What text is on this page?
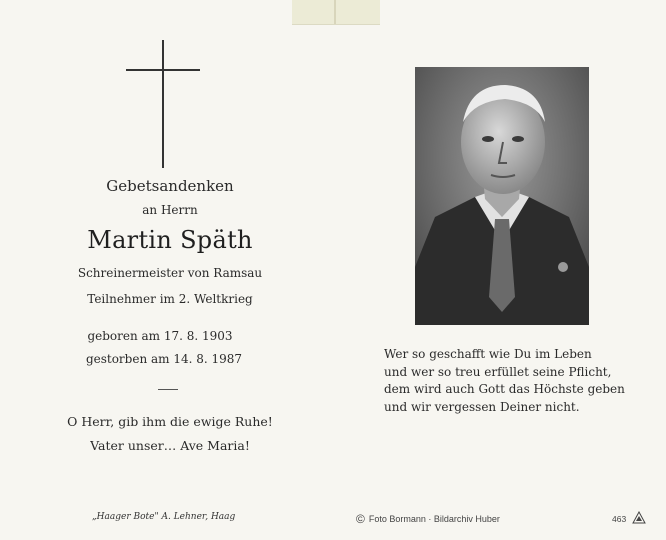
Gebetsandenken
an Herrn
Martin Späth
Schreinermeister von Ramsau
Teilnehmer im 2. Weltkrieg
geboren am 17. 8. 1903
gestorben am 14. 8. 1987
O Herr, gib ihm die ewige Ruhe!
Vater unser… Ave Maria!
Wer so geschafft wie Du im Leben
und wer so treu erfüllet seine Pflicht,
dem wird auch Gott das Höchste geben
und wir vergessen Deiner nicht.
„Haager Bote" A. Lehner, Haag	© Foto Bormann · Bildarchiv Huber	463
